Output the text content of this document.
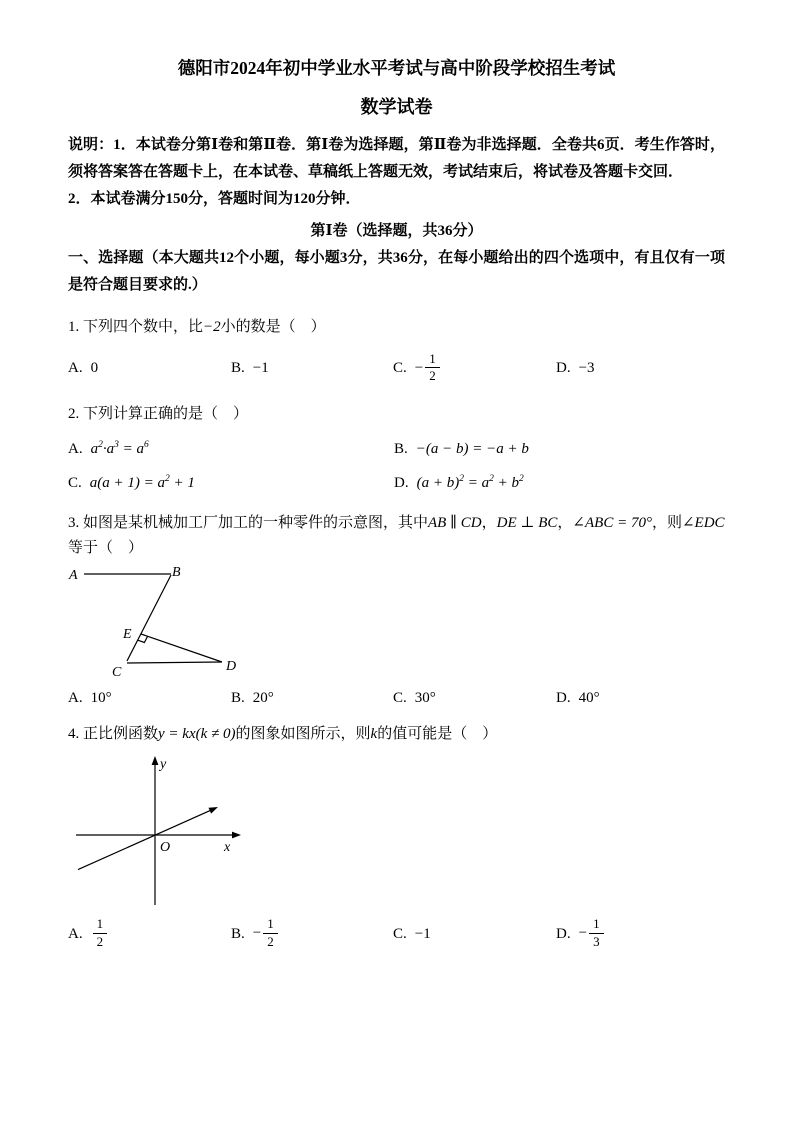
德阳市2024年初中学业水平考试与高中阶段学校招生考试
数学试卷

说明：1．本试卷分第Ⅰ卷和第Ⅱ卷．第Ⅰ卷为选择题，第Ⅱ卷为非选择题．全卷共6页．考生作答时，须将答案答在答题卡上，在本试卷、草稿纸上答题无效，考试结束后，将试卷及答题卡交回．

2．本试卷满分150分，答题时间为120分钟．

第Ⅰ卷（选择题，共36分）

一、选择题（本大题共12个小题，每小题3分，共36分，在每小题给出的四个选项中，有且仅有一项是符合题目要求的.）

1. 下列四个数中，比−2小的数是（　）

A. 0	B. −1	C. − $\frac{1}{2}$	D. −3

2. 下列计算正确的是（　）

A. $a^2\cdot a^3 = a^6$	B. −(a − b) = −a + b
C. $a(a + 1) = a^2 + 1$	D. $(a + b)^2 = a^2 + b^2$

3. 如图是某机械加工厂加工的一种零件的示意图，其中AB ∥ CD，DE ⊥ BC，∠ABC = 70°，则∠EDC等于（　）

A	B
E
C	D
A. 10°	B. 20°	C. 30°	D. 40°

4. 正比例函数y = kx(k ≠ 0)的图象如图所示，则k的值可能是（　）

y
x
O
A. $\frac{1}{2}$	B. − $\frac{1}{2}$	C. −1	D. − $\frac{1}{3}$
